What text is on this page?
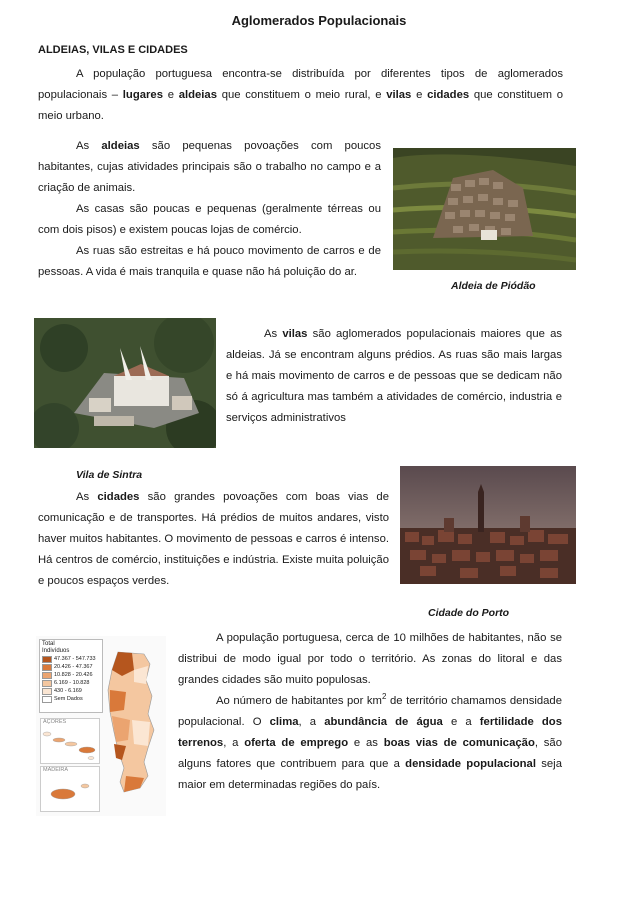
Aglomerados Populacionais
ALDEIAS, VILAS E CIDADES

A população portuguesa encontra-se distribuída por diferentes tipos de aglomerados populacionais – lugares e aldeias que constituem o meio rural, e vilas e cidades que constituem o meio urbano.

As aldeias são pequenas povoações com poucos habitantes, cujas atividades principais são o trabalho no campo e a criação de animais.

As casas são poucas e pequenas (geralmente térreas ou com dois pisos) e existem poucas lojas de comércio.

As ruas são estreitas e há pouco movimento de carros e de pessoas. A vida é mais tranquila e quase não há poluição do ar.

Aldeia de Piódão

As vilas são aglomerados populacionais maiores que as aldeias. Já se encontram alguns prédios. As ruas são mais largas e há mais movimento de carros e de pessoas que se dedicam não só á agricultura mas também a atividades de comércio, industria e serviços administrativos

Vila de Sintra

As cidades são grandes povoações com boas vias de comunicação e de transportes. Há prédios de muitos andares, visto haver muitos habitantes. O movimento de pessoas e carros é intenso. Há centros de comércio, instituições e indústria. Existe muita poluição e poucos espaços verdes.

Cidade do Porto
Total
Indivíduos
47.367 - 547.733
20.426 - 47.367
10.828 - 20.426
6.169 - 10.828
430 - 6.169
Sem Dados
AÇORES
MADEIRA

A população portuguesa, cerca de 10 milhões de habitantes, não se distribui de modo igual por todo o território. As zonas do litoral e das grandes cidades são muito populosas.

Ao número de habitantes por $km^2$ de território chamamos densidade populacional. O clima, a abundância de água e a fertilidade dos terrenos, a oferta de emprego e as boas vias de comunicação, são alguns fatores que contribuem para que a densidade populacional seja maior em determinadas regiões do país.
